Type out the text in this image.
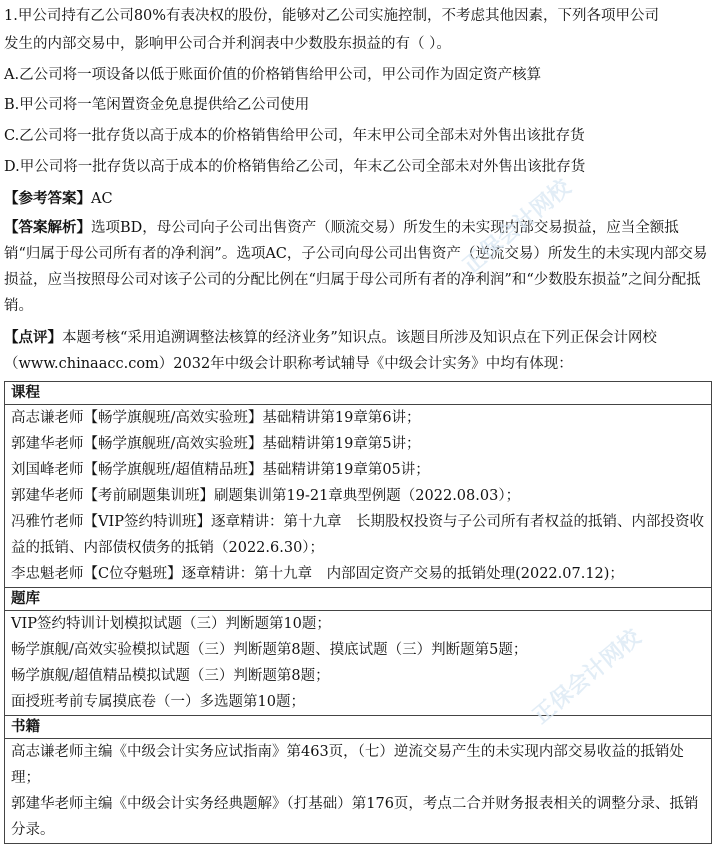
1.甲公司持有乙公司80%有表决权的股份，能够对乙公司实施控制，不考虑其他因素，下列各项甲公司
发生的内部交易中，影响甲公司合并利润表中少数股东损益的有（ ）。
A.乙公司将一项设备以低于账面价值的价格销售给甲公司，甲公司作为固定资产核算
B.甲公司将一笔闲置资金免息提供给乙公司使用
C.乙公司将一批存货以高于成本的价格销售给甲公司，年末甲公司全部未对外售出该批存货
D.甲公司将一批存货以高于成本的价格销售给乙公司，年末乙公司全部未对外售出该批存货
【参考答案】AC
【答案解析】选项BD，母公司向子公司出售资产（顺流交易）所发生的未实现内部交易损益，应当全额抵销“归属于母公司所有者的净利润”。选项AC，子公司向母公司出售资产（逆流交易）所发生的未实现内部交易损益，应当按照母公司对该子公司的分配比例在“归属于母公司所有者的净利润”和“少数股东损益”之间分配抵销。
【点评】本题考核“采用追溯调整法核算的经济业务”知识点。该题目所涉及知识点在下列正保会计网校（www.chinaacc.com）2032年中级会计职称考试辅导《中级会计实务》中均有体现：
课程

高志谦老师【畅学旗舰班/高效实验班】基础精讲第19章第6讲；
郭建华老师【畅学旗舰班/高效实验班】基础精讲第19章第5讲；
刘国峰老师【畅学旗舰班/超值精品班】基础精讲第19章第05讲；
郭建华老师【考前刷题集训班】刷题集训第19-21章典型例题（2022.08.03）；
冯雅竹老师【VIP签约特训班】逐章精讲：第十九章　长期股权投资与子公司所有者权益的抵销、内部投资收益的抵销、内部债权债务的抵销（2022.6.30）；
李忠魁老师【C位夺魁班】逐章精讲：第十九章　内部固定资产交易的抵销处理(2022.07.12)；

题库

VIP签约特训计划模拟试题（三）判断题第10题；
畅学旗舰/高效实验模拟试题（三）判断题第8题、摸底试题（三）判断题第5题；
畅学旗舰/超值精品模拟试题（三）判断题第8题；
面授班考前专属摸底卷（一）多选题第10题；

书籍

高志谦老师主编《中级会计实务应试指南》第463页，（七）逆流交易产生的未实现内部交易收益的抵销处理；
郭建华老师主编《中级会计实务经典题解》（打基础）第176页，考点二合并财务报表相关的调整分录、抵销分录。
正保会计网校
正保会计网校
